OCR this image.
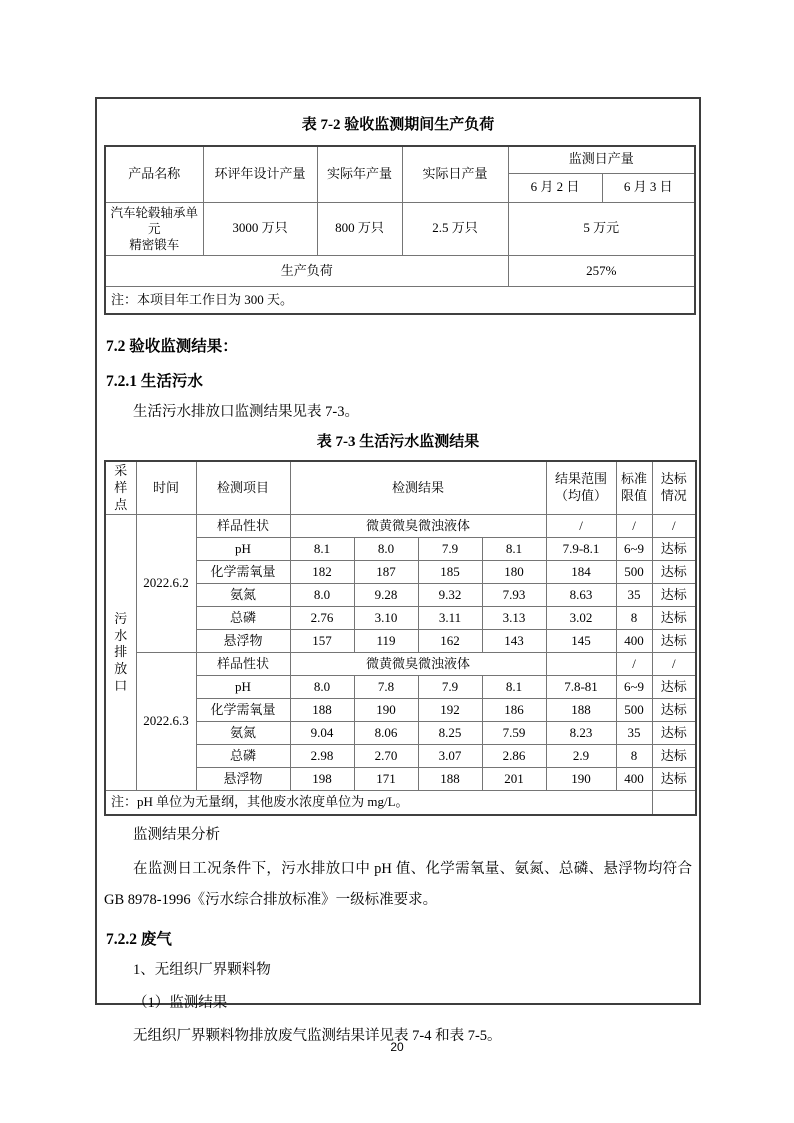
表 7-2 验收监测期间生产负荷
产品名称	环评年设计产量	实际年产量	实际日产量	监测日产量	
				6 月 2 日	6 月 3 日
汽车轮毂轴承单元
精密锻车	3000 万只	800 万只	2.5 万只	5 万元	
生产负荷				257%	
注：本项目年工作日为 300 天。					
7.2 验收监测结果：
7.2.1 生活污水

生活污水排放口监测结果见表 7-3。

表 7-3 生活污水监测结果
采样点	时间	检测项目	检测结果				结果范围（均值）	标准限值	达标情况
污水排放口	2022.6.2	样品性状	微黄微臭微浊液体				/	/	/
		pH	8.1	8.0	7.9	8.1	7.9-8.1	6~9	达标
		化学需氧量	182	187	185	180	184	500	达标
		氨氮	8.0	9.28	9.32	7.93	8.63	35	达标
		总磷	2.76	3.10	3.11	3.13	3.02	8	达标
		悬浮物	157	119	162	143	145	400	达标
	2022.6.3	样品性状	微黄微臭微浊液体					/	/
		pH	8.0	7.8	7.9	8.1	7.8-81	6~9	达标
		化学需氧量	188	190	192	186	188	500	达标
		氨氮	9.04	8.06	8.25	7.59	8.23	35	达标
		总磷	2.98	2.70	3.07	2.86	2.9	8	达标
		悬浮物	198	171	188	201	190	400	达标
注：pH 单位为无量纲，其他废水浓度单位为 mg/L。									

监测结果分析

在监测日工况条件下，污水排放口中 pH 值、化学需氧量、氨氮、总磷、悬浮物均符合 GB 8978-1996《污水综合排放标准》一级标准要求。

7.2.2 废气

1、无组织厂界颗料物

（1）监测结果

无组织厂界颗料物排放废气监测结果详见表 7-4 和表 7-5。

20
